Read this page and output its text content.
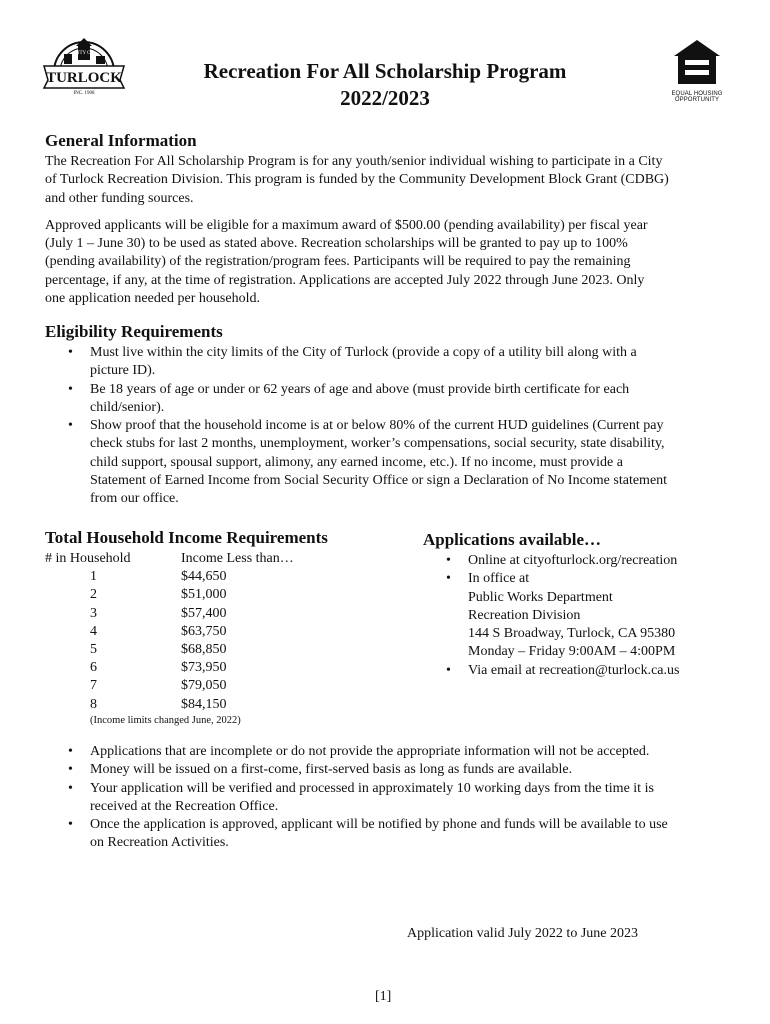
CITY OF
TURLOCK
INC. 1908
Recreation For All Scholarship Program
2022/2023	EQUAL HOUSING
OPPORTUNITY
General Information

The Recreation For All Scholarship Program is for any youth/senior individual wishing to participate in a City
of Turlock Recreation Division. This program is funded by the Community Development Block Grant (CDBG)
and other funding sources.

Approved applicants will be eligible for a maximum award of $500.00 (pending availability) per fiscal year
(July 1 – June 30) to be used as stated above. Recreation scholarships will be granted to pay up to 100%
(pending availability) of the registration/program fees. Participants will be required to pay the remaining
percentage, if any, at the time of registration. Applications are accepted July 2022 through June 2023. Only
one application needed per household.

Eligibility Requirements
• Must live within the city limits of the City of Turlock (provide a copy of a utility bill along with a
picture ID).
• Be 18 years of age or under or 62 years of age and above (must provide birth certificate for each
child/senior).
• Show proof that the household income is at or below 80% of the current HUD guidelines (Current pay
check stubs for last 2 months, unemployment, worker’s compensations, social security, state disability,
child support, spousal support, alimony, any earned income, etc.). If no income, must provide a
Statement of Earned Income from Social Security Office or sign a Declaration of No Income statement
from our office.
Total Household Income Requirements
# in Household	Income Less than…
1	$44,650
2	$51,000
3	$57,400
4	$63,750
5	$68,850
6	$73,950
7	$79,050
8	$84,150
(Income limits changed June, 2022)
Applications available…
• Online at cityofturlock.org/recreation
• In office at
Public Works Department
Recreation Division
144 S Broadway, Turlock, CA 95380
Monday – Friday 9:00AM – 4:00PM
• Via email at recreation@turlock.ca.us
• Applications that are incomplete or do not provide the appropriate information will not be accepted.
• Money will be issued on a first-come, first-served basis as long as funds are available.
• Your application will be verified and processed in approximately 10 working days from the time it is
received at the Recreation Office.
• Once the application is approved, applicant will be notified by phone and funds will be available to use
on Recreation Activities.
Application valid July 2022 to June 2023
[1]
